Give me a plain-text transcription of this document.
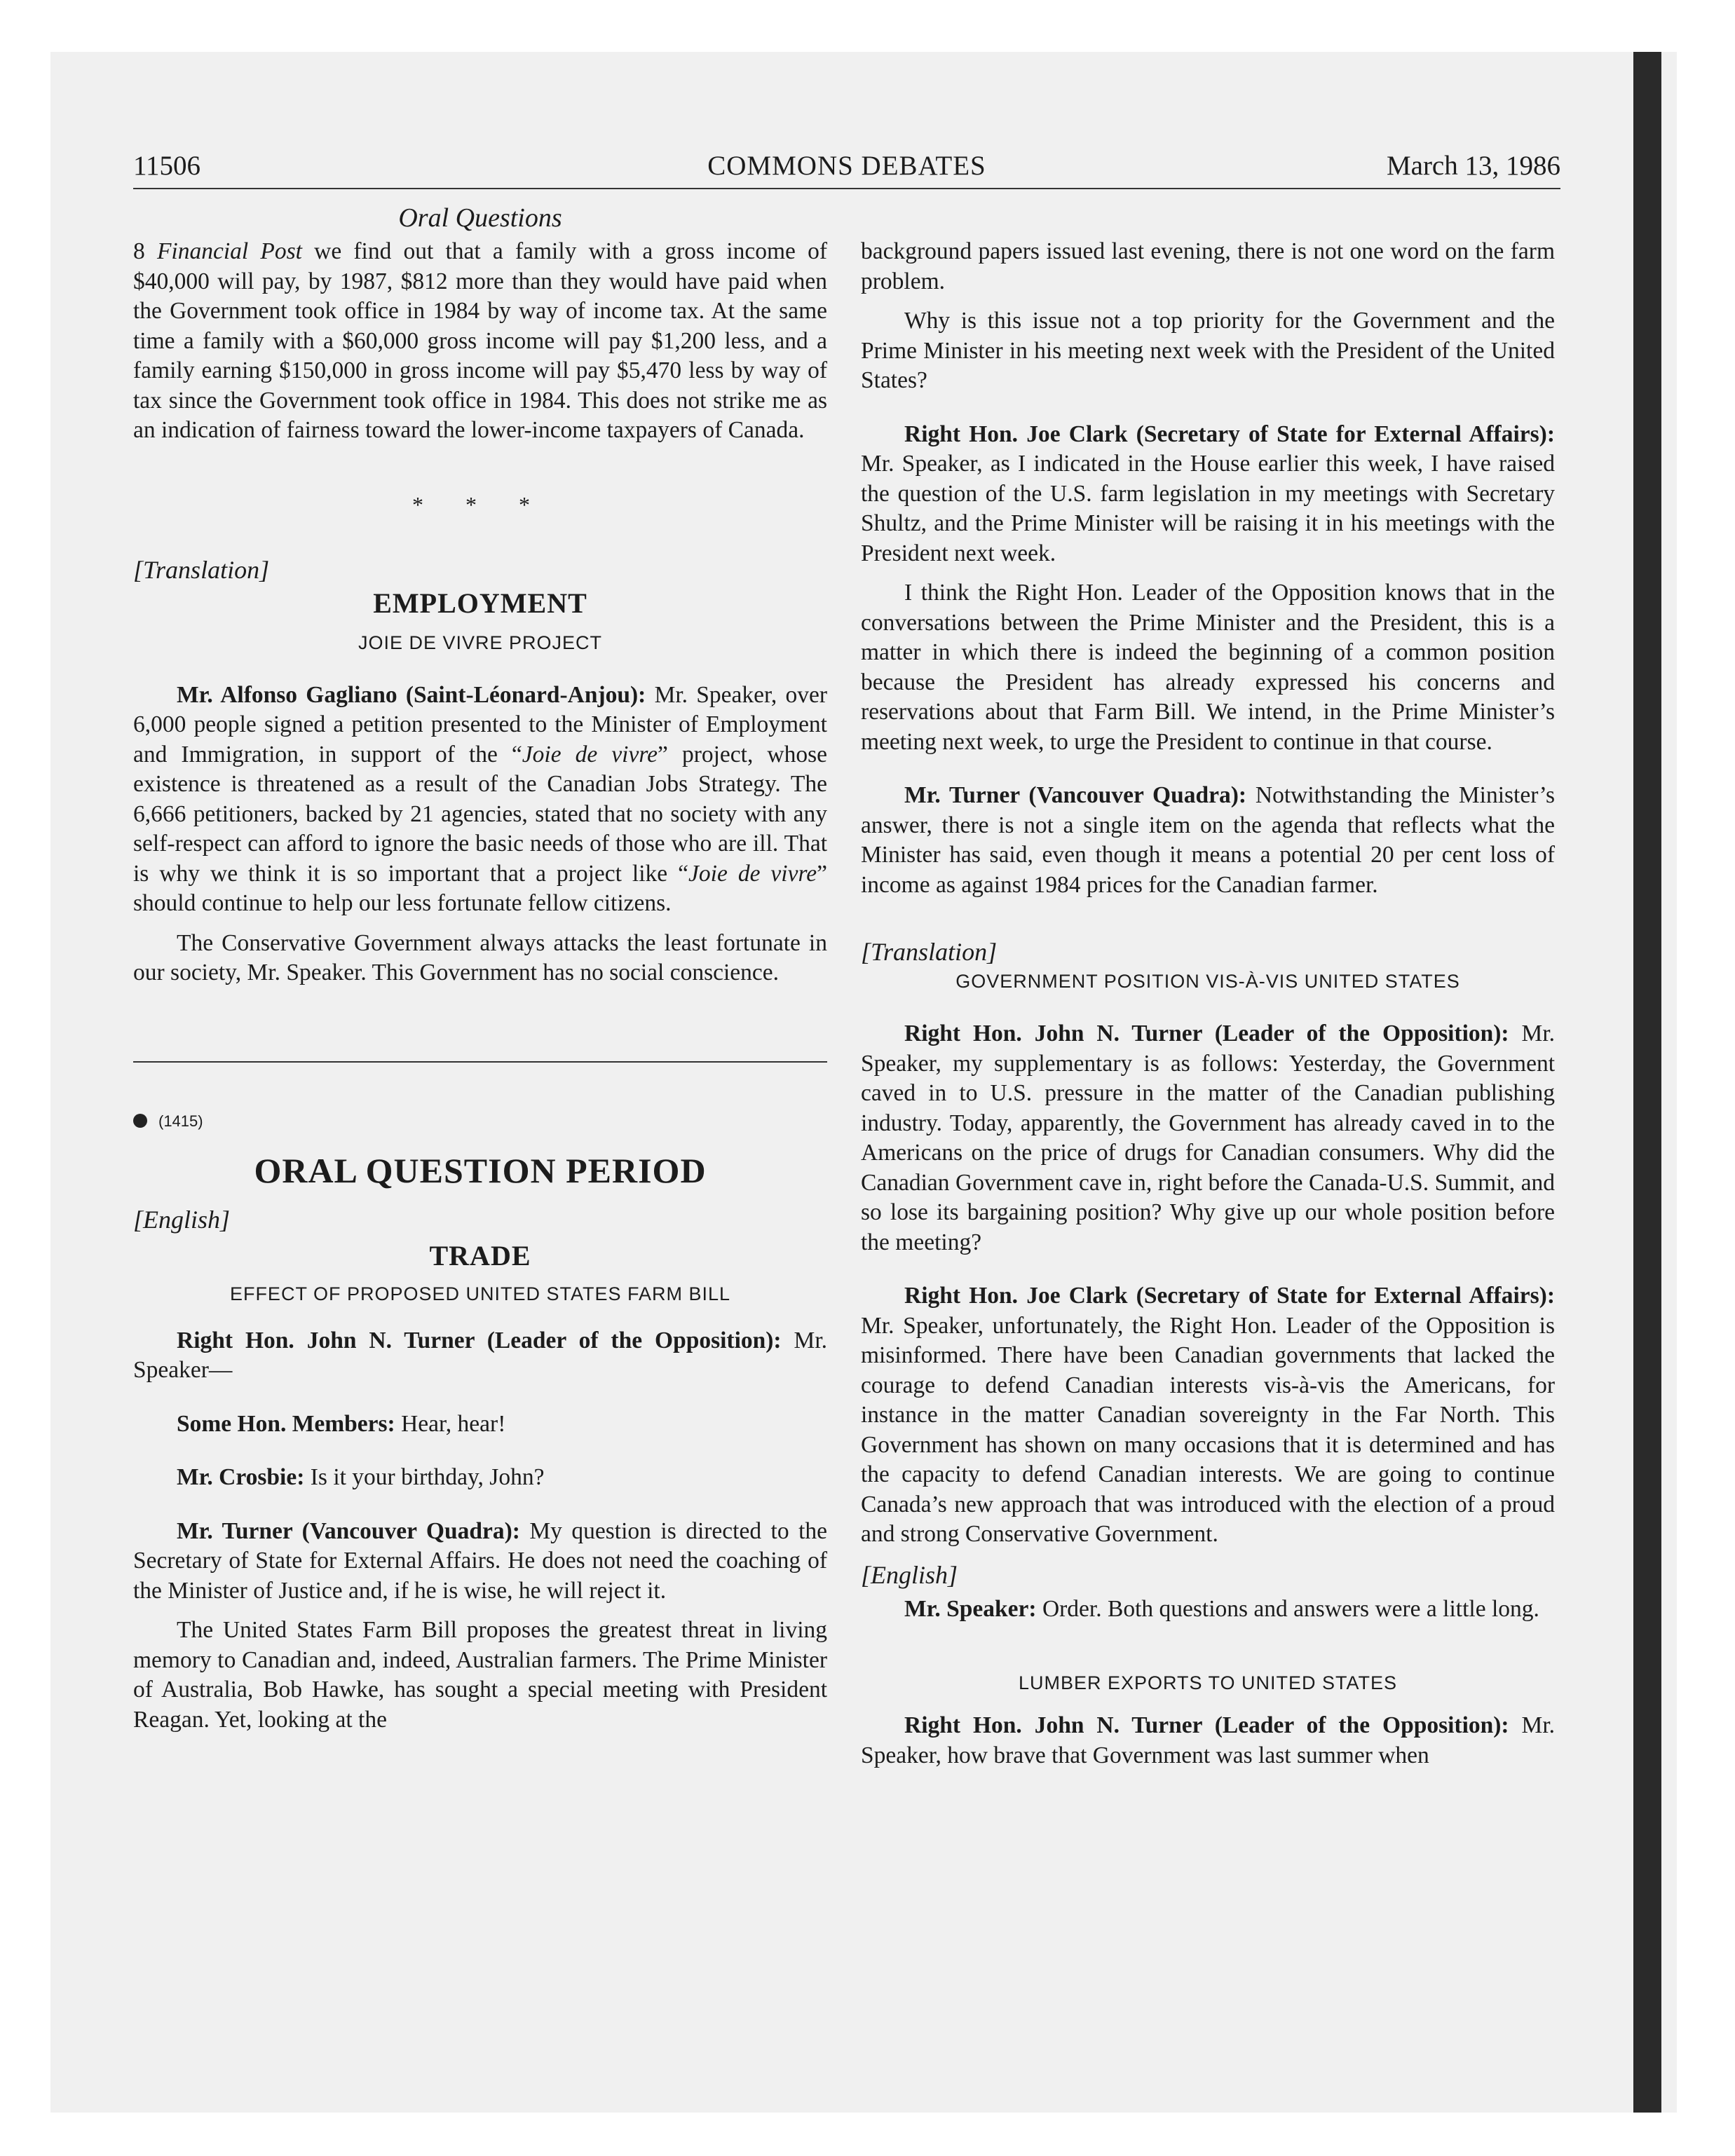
11506	COMMONS DEBATES	March 13, 1986
Oral Questions

8 Financial Post we find out that a family with a gross income of $40,000 will pay, by 1987, $812 more than they would have paid when the Government took office in 1984 by way of income tax. At the same time a family with a $60,000 gross income will pay $1,200 less, and a family earning $150,000 in gross income will pay $5,470 less by way of tax since the Government took office in 1984. This does not strike me as an indication of fairness toward the lower-income taxpayers of Canada.

* * *
[Translation]
EMPLOYMENT
JOIE DE VIVRE PROJECT

Mr. Alfonso Gagliano (Saint-Léonard-Anjou): Mr. Speaker, over 6,000 people signed a petition presented to the Minister of Employment and Immigration, in support of the “Joie de vivre” project, whose existence is threatened as a result of the Canadian Jobs Strategy. The 6,666 petitioners, backed by 21 agencies, stated that no society with any self-respect can afford to ignore the basic needs of those who are ill. That is why we think it is so important that a project like “Joie de vivre” should continue to help our less fortunate fellow citizens.

The Conservative Government always attacks the least fortunate in our society, Mr. Speaker. This Government has no social conscience.

(1415)
ORAL QUESTION PERIOD
[English]
TRADE
EFFECT OF PROPOSED UNITED STATES FARM BILL

Right Hon. John N. Turner (Leader of the Opposition): Mr. Speaker—

Some Hon. Members: Hear, hear!

Mr. Crosbie: Is it your birthday, John?

Mr. Turner (Vancouver Quadra): My question is directed to the Secretary of State for External Affairs. He does not need the coaching of the Minister of Justice and, if he is wise, he will reject it.

The United States Farm Bill proposes the greatest threat in living memory to Canadian and, indeed, Australian farmers. The Prime Minister of Australia, Bob Hawke, has sought a special meeting with President Reagan. Yet, looking at the

background papers issued last evening, there is not one word on the farm problem.

Why is this issue not a top priority for the Government and the Prime Minister in his meeting next week with the President of the United States?

Right Hon. Joe Clark (Secretary of State for External Affairs): Mr. Speaker, as I indicated in the House earlier this week, I have raised the question of the U.S. farm legislation in my meetings with Secretary Shultz, and the Prime Minister will be raising it in his meetings with the President next week.

I think the Right Hon. Leader of the Opposition knows that in the conversations between the Prime Minister and the President, this is a matter in which there is indeed the beginning of a common position because the President has already expressed his concerns and reservations about that Farm Bill. We intend, in the Prime Minister’s meeting next week, to urge the President to continue in that course.

Mr. Turner (Vancouver Quadra): Notwithstanding the Minister’s answer, there is not a single item on the agenda that reflects what the Minister has said, even though it means a potential 20 per cent loss of income as against 1984 prices for the Canadian farmer.

[Translation]
GOVERNMENT POSITION VIS-À-VIS UNITED STATES

Right Hon. John N. Turner (Leader of the Opposition): Mr. Speaker, my supplementary is as follows: Yesterday, the Government caved in to U.S. pressure in the matter of the Canadian publishing industry. Today, apparently, the Government has already caved in to the Americans on the price of drugs for Canadian consumers. Why did the Canadian Government cave in, right before the Canada-U.S. Summit, and so lose its bargaining position? Why give up our whole position before the meeting?

Right Hon. Joe Clark (Secretary of State for External Affairs): Mr. Speaker, unfortunately, the Right Hon. Leader of the Opposition is misinformed. There have been Canadian governments that lacked the courage to defend Canadian interests vis-à-vis the Americans, for instance in the matter Canadian sovereignty in the Far North. This Government has shown on many occasions that it is determined and has the capacity to defend Canadian interests. We are going to continue Canada’s new approach that was introduced with the election of a proud and strong Conservative Government.

[English]

Mr. Speaker: Order. Both questions and answers were a little long.

LUMBER EXPORTS TO UNITED STATES

Right Hon. John N. Turner (Leader of the Opposition): Mr. Speaker, how brave that Government was last summer when
